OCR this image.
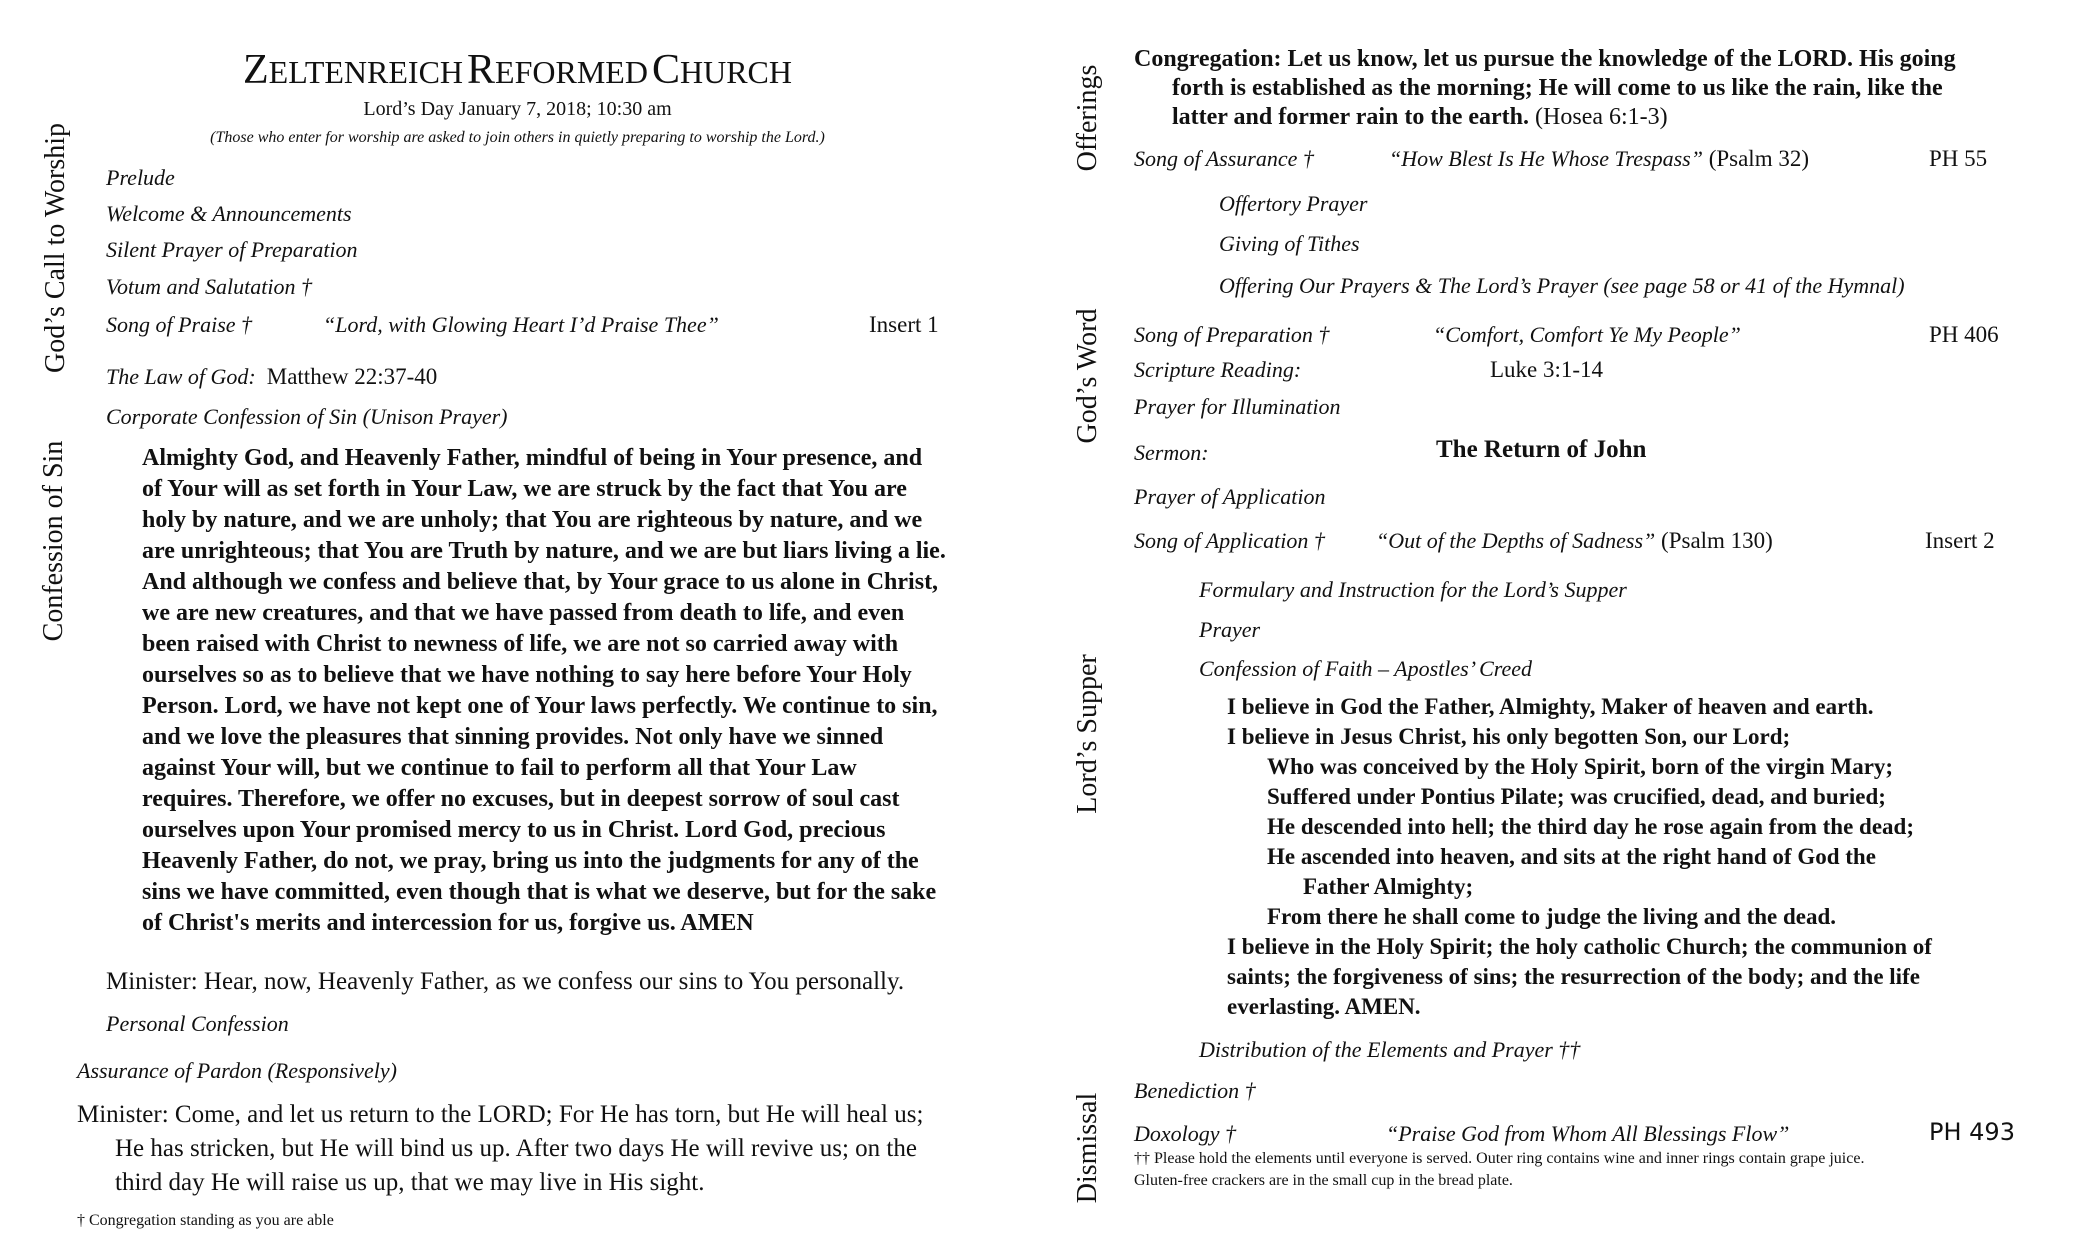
ZELTENREICH REFORMED CHURCH
Lord’s Day January 7, 2018; 10:30 am
(Those who enter for worship are asked to join others in quietly preparing to worship the Lord.)
God’s Call to Worship
Confession of Sin
Offerings
God’s Word
Lord’s Supper
Dismissal
Prelude
Welcome & Announcements
Silent Prayer of Preparation
Votum and Salutation †
Song of Praise †	“Lord, with Glowing Heart I’d Praise Thee”	Insert 1
The Law of God: Matthew 22:37-40
Corporate Confession of Sin (Unison Prayer)
Almighty God, and Heavenly Father, mindful of being in Your presence, and
of Your will as set forth in Your Law, we are struck by the fact that You are
holy by nature, and we are unholy; that You are righteous by nature, and we
are unrighteous; that You are Truth by nature, and we are but liars living a lie.
And although we confess and believe that, by Your grace to us alone in Christ,
we are new creatures, and that we have passed from death to life, and even
been raised with Christ to newness of life, we are not so carried away with
ourselves so as to believe that we have nothing to say here before Your Holy
Person. Lord, we have not kept one of Your laws perfectly. We continue to sin,
and we love the pleasures that sinning provides. Not only have we sinned
against Your will, but we continue to fail to perform all that Your Law
requires. Therefore, we offer no excuses, but in deepest sorrow of soul cast
ourselves upon Your promised mercy to us in Christ. Lord God, precious
Heavenly Father, do not, we pray, bring us into the judgments for any of the
sins we have committed, even though that is what we deserve, but for the sake
of Christ's merits and intercession for us, forgive us. AMEN
Minister: Hear, now, Heavenly Father, as we confess our sins to You personally.
Personal Confession
Assurance of Pardon (Responsively)
Minister: Come, and let us return to the LORD; For He has torn, but He will heal us;
He has stricken, but He will bind us up. After two days He will revive us; on the
third day He will raise us up, that we may live in His sight.
† Congregation standing as you are able
Congregation: Let us know, let us pursue the knowledge of the LORD. His going
forth is established as the morning; He will come to us like the rain, like the
latter and former rain to the earth. (Hosea 6:1-3)
Song of Assurance †	“How Blest Is He Whose Trespass” (Psalm 32)	PH 55
Offertory Prayer
Giving of Tithes
Offering Our Prayers & The Lord’s Prayer (see page 58 or 41 of the Hymnal)
Song of Preparation †	“Comfort, Comfort Ye My People”	PH 406
Scripture Reading:	Luke 3:1-14
Prayer for Illumination
Sermon:	The Return of John
Prayer of Application
Song of Application † “Out of the Depths of Sadness” (Psalm 130)	Insert 2
Formulary and Instruction for the Lord’s Supper
Prayer
Confession of Faith – Apostles’ Creed
I believe in God the Father, Almighty, Maker of heaven and earth.
I believe in Jesus Christ, his only begotten Son, our Lord;
Who was conceived by the Holy Spirit, born of the virgin Mary;
Suffered under Pontius Pilate; was crucified, dead, and buried;
He descended into hell; the third day he rose again from the dead;
He ascended into heaven, and sits at the right hand of God the
Father Almighty;
From there he shall come to judge the living and the dead.
I believe in the Holy Spirit; the holy catholic Church; the communion of
saints; the forgiveness of sins; the resurrection of the body; and the life
everlasting. AMEN.
Distribution of the Elements and Prayer ††
Benediction †
Doxology †	“Praise God from Whom All Blessings Flow”	PH 493
†† Please hold the elements until everyone is served. Outer ring contains wine and inner rings contain grape juice.
Gluten-free crackers are in the small cup in the bread plate.
